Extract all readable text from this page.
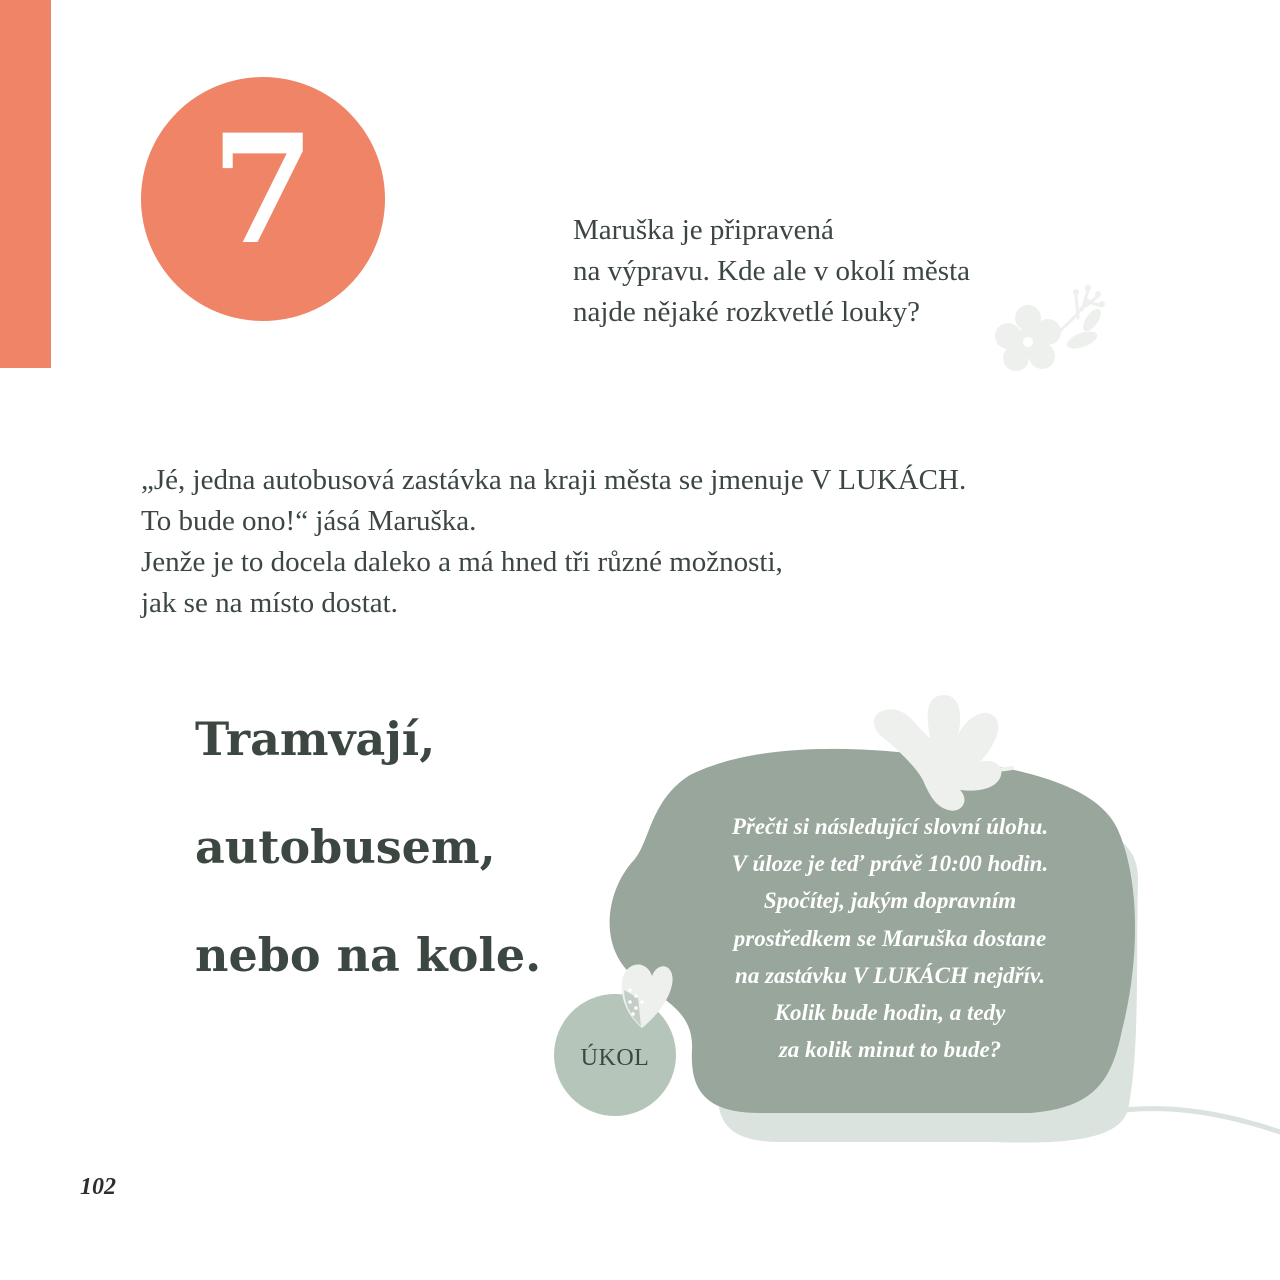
7	Maruška je připravená
na výpravu. Kde ale v okolí města
najde nějaké rozkvetlé louky?
„Jé, jedna autobusová zastávka na kraji města se jmenuje V LUKÁCH.
To bude ono!“ jásá Maruška.
Jenže je to docela daleko a má hned tři různé možnosti,
jak se na místo dostat.
Tramvají,
autobusem,
nebo na kole.
Přečti si následující slovní úlohu.
V úloze je teď právě 10:00 hodin.
Spočítej, jakým dopravním
prostředkem se Maruška dostane
na zastávku V LUKÁCH nejdřív.
Kolik bude hodin, a tedy
za kolik minut to bude?
ÚKOL
102
